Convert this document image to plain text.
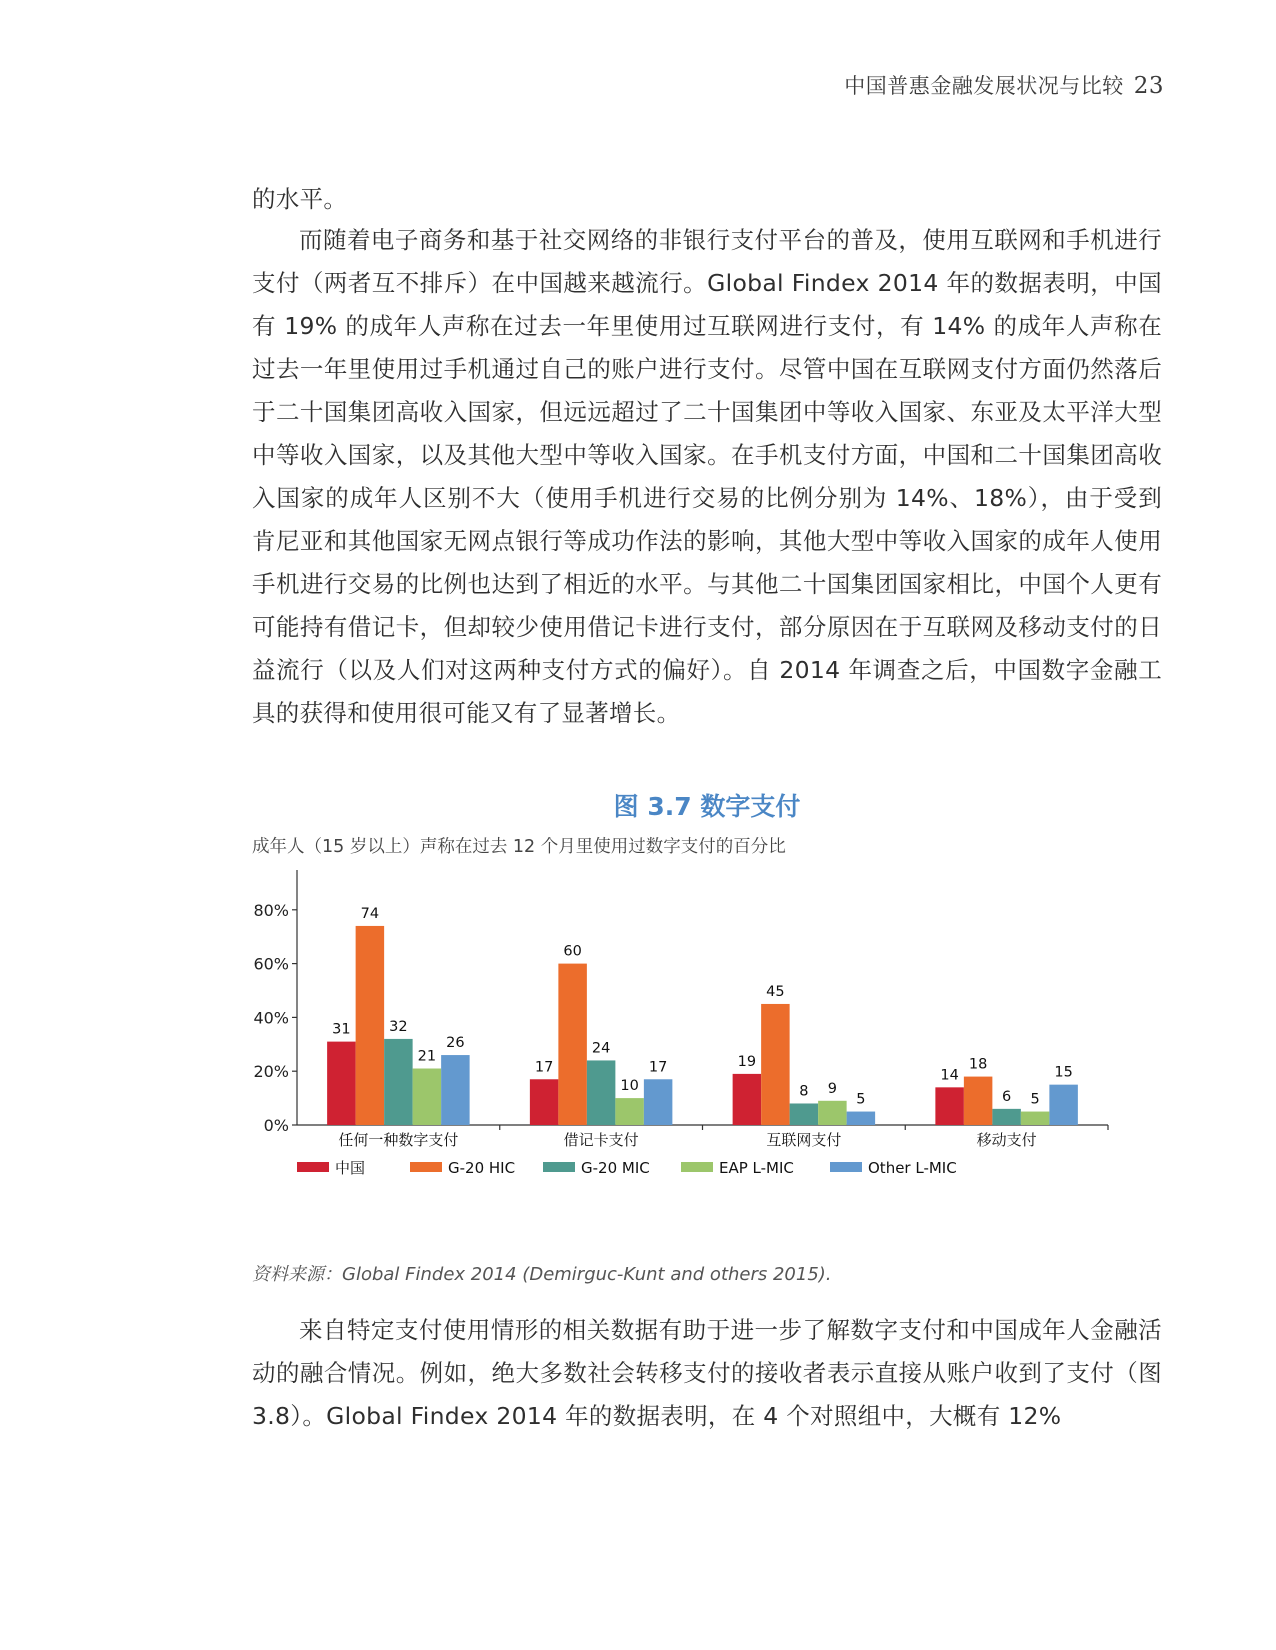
中国普惠金融发展状况与比较 23

的水平。

而随着电子商务和基于社交网络的非银行支付平台的普及，使用互联网和手机进行支付（两者互不排斥）在中国越来越流行。Global Findex 2014 年的数据表明，中国有 19% 的成年人声称在过去一年里使用过互联网进行支付，有 14% 的成年人声称在过去一年里使用过手机通过自己的账户进行支付。尽管中国在互联网支付方面仍然落后于二十国集团高收入国家，但远远超过了二十国集团中等收入国家、东亚及太平洋大型中等收入国家，以及其他大型中等收入国家。在手机支付方面，中国和二十国集团高收入国家的成年人区别不大（使用手机进行交易的比例分别为 14%、18%），由于受到肯尼亚和其他国家无网点银行等成功作法的影响，其他大型中等收入国家的成年人使用手机进行交易的比例也达到了相近的水平。与其他二十国集团国家相比，中国个人更有可能持有借记卡，但却较少使用借记卡进行支付，部分原因在于互联网及移动支付的日益流行（以及人们对这两种支付方式的偏好）。自 2014 年调查之后，中国数字金融工具的获得和使用很可能又有了显著增长。

图 3.7 数字支付
成年人（15 岁以上）声称在过去 12 个月里使用过数字支付的百分比
0%
20%
40%
60%
80%
31
74
32
21
26
任何一种数字支付
17
60
24
10
17
借记卡支付
19
45
8 9
5
互联网支付
14
18
6 5
15
移动支付
中国	G-20 HIC	G-20 MIC	EAP L-MIC	Other L-MIC
资料来源：Global Findex 2014 (Demirguc-Kunt and others 2015).

来自特定支付使用情形的相关数据有助于进一步了解数字支付和中国成年人金融活动的融合情况。例如，绝大多数社会转移支付的接收者表示直接从账户收到了支付（图 3.8）。Global Findex 2014 年的数据表明，在 4 个对照组中，大概有 12%
